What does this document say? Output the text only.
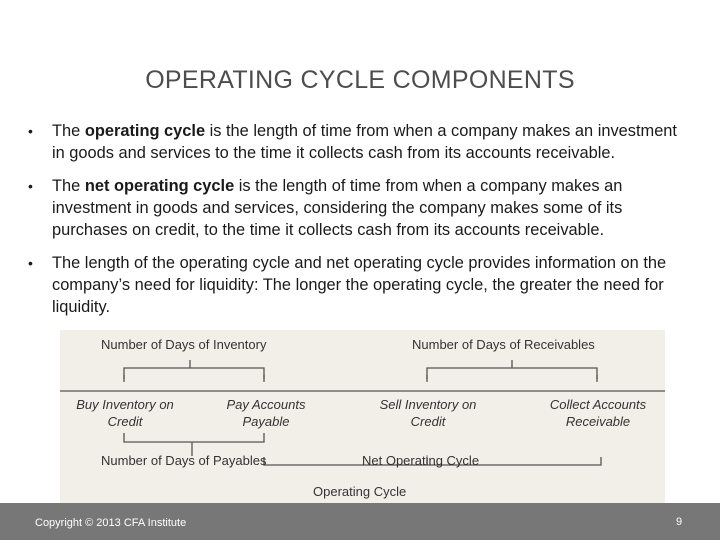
OPERATING CYCLE COMPONENTS
• The operating cycle is the length of time from when a company makes an investment in goods and services to the time it collects cash from its accounts receivable.
• The net operating cycle is the length of time from when a company makes an investment in goods and services, considering the company makes some of its purchases on credit, to the time it collects cash from its accounts receivable.
• The length of the operating cycle and net operating cycle provides information on the company’s need for liquidity: The longer the operating cycle, the greater the need for liquidity.
Number of Days of Inventory	Number of Days of Receivables
Buy Inventory on Credit
Pay Accounts Payable
Sell Inventory on Credit
Collect Accounts Receivable
Number of Days of Payables	Net Operating Cycle
Operating Cycle
Copyright © 2013 CFA Institute	9
